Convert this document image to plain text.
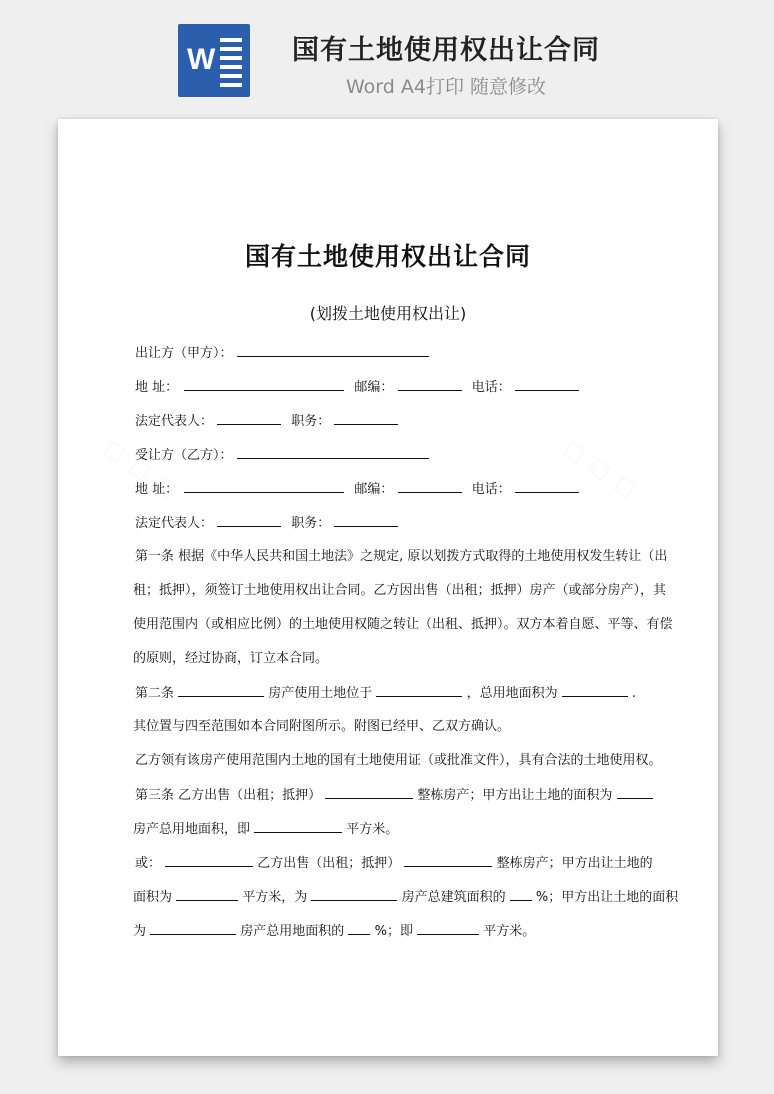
W	国有土地使用权出让合同
Word A4打印 随意修改
国有土地使用权出让合同
(划拨土地使用权出让)
出让方（甲方）：
地 址：	邮编：	电话：
法定代表人：	职务：
受让方（乙方）：
地 址：	邮编：	电话：
法定代表人：	职务：
第一条 根据《中华人民共和国土地法》之规定, 原以划拨方式取得的土地使用权发生转让（出
租；抵押），须签订土地使用权出让合同。乙方因出售（出租；抵押）房产（或部分房产），其
使用范围内（或相应比例）的土地使用权随之转让（出租、抵押）。双方本着自愿、平等、有偿
的原则，经过协商，订立本合同。
第二条	房产使用土地位于	，总用地面积为	.
其位置与四至范围如本合同附图所示。附图已经甲、乙双方确认。
乙方领有该房产使用范围内土地的国有土地使用证（或批准文件），具有合法的土地使用权。
第三条 乙方出售（出租；抵押）	整栋房产；甲方出让土地的面积为
房产总用地面积，即	平方米。
或：	乙方出售（出租；抵押）	整栋房产；甲方出让土地的
面积为	平方米，为	房产总建筑面积的 %；甲方出让土地的面积
为	房产总用地面积的 %；即	平方米。
